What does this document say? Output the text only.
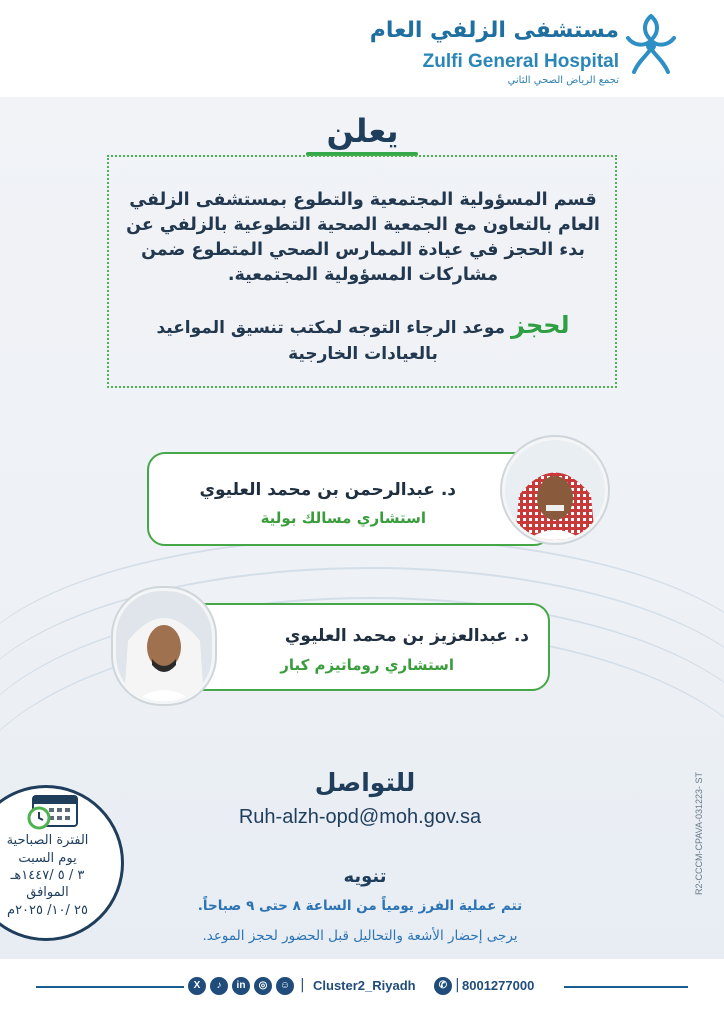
مستشفى الزلفي العام
Zulfi General Hospital
تجمع الرياض الصحي الثاني
يعلن
قسم المسؤولية المجتمعية والتطوع بمستشفى الزلفي العام بالتعاون مع الجمعية الصحية التطوعية بالزلفي عن بدء الحجز في عيادة الممارس الصحي المتطوع ضمن مشاركات المسؤولية المجتمعية.
لحجز موعد الرجاء التوجه لمكتب تنسيق المواعيد بالعيادات الخارجية
د. عبدالرحمن بن محمد العليوي
استشاري مسالك بولية
د. عبدالعزيز بن محمد العليوي
استشاري روماتيزم كبار
للتواصل
Ruh-alzh-opd@moh.gov.sa
تنويه
تتم عملية الفرز يومياً من الساعة ٨ حتى ٩ صباحاً.
يرجى إحضار الأشعة والتحاليل قبل الحضور لحجز الموعد.
الفترة الصباحية
يوم السبت
٣ / ٥ /١٤٤٧هـ
الموافق
٢٥ /١٠/ ٢٠٢٥م
R2-CCCM-CPAVA-031223- ST
X	♪	in	◎	☺ | Cluster2_Riyadh	✆ | 8001277000
